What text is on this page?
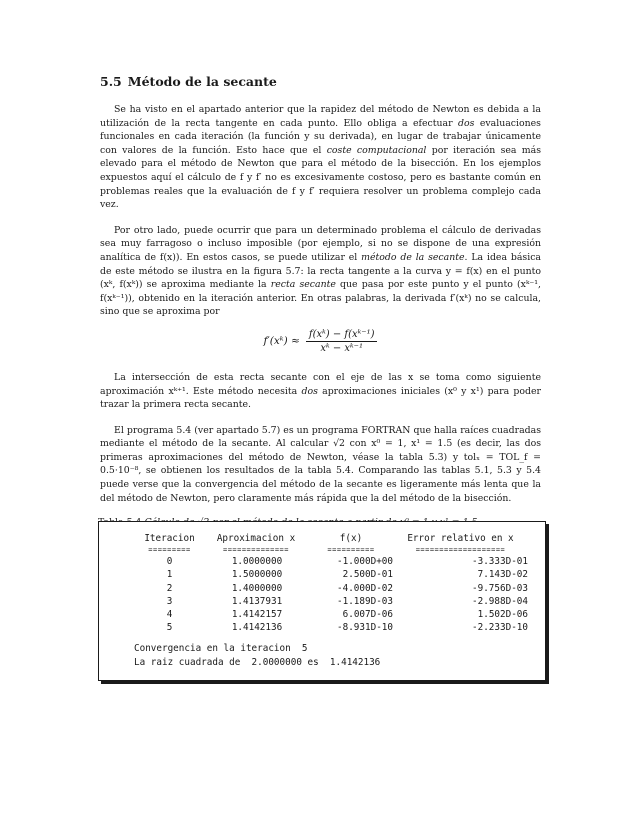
5.5 Método de la secante

Se ha visto en el apartado anterior que la rapidez del método de Newton es debida a la utilización de la recta tangente en cada punto. Ello obliga a efectuar dos evaluaciones funcionales en cada iteración (la función y su derivada), en lugar de trabajar únicamente con valores de la función. Esto hace que el coste computacional por iteración sea más elevado para el método de Newton que para el método de la bisección. En los ejemplos expuestos aquí el cálculo de f y f′ no es excesivamente costoso, pero es bastante común en problemas reales que la evaluación de f y f′ requiera resolver un problema complejo cada vez.

Por otro lado, puede ocurrir que para un determinado problema el cálculo de derivadas sea muy farragoso o incluso imposible (por ejemplo, si no se dispone de una expresión analítica de f(x)). En estos casos, se puede utilizar el método de la secante. La idea básica de este método se ilustra en la figura 5.7: la recta tangente a la curva y = f(x) en el punto (xᵏ, f(xᵏ)) se aproxima mediante la recta secante que pasa por este punto y el punto (xᵏ⁻¹, f(xᵏ⁻¹)), obtenido en la iteración anterior. En otras palabras, la derivada f′(xᵏ) no se calcula, sino que se aproxima por

f′(xᵏ) ≈ $\frac{\text{f(xᵏ) − f(xᵏ⁻¹)}}{\text{xᵏ − xᵏ⁻¹}}$

La intersección de esta recta secante con el eje de las x se toma como siguiente aproximación xᵏ⁺¹. Este método necesita dos aproximaciones iniciales (x⁰ y x¹) para poder trazar la primera recta secante.

El programa 5.4 (ver apartado 5.7) es un programa FORTRAN que halla raíces cuadradas mediante el método de la secante. Al calcular √2 con x⁰ = 1, x¹ = 1.5 (es decir, las dos primeras aproximaciones del método de Newton, véase la tabla 5.3) y tolₓ = TOL_f = 0.5·10⁻⁸, se obtienen los resultados de la tabla 5.4. Comparando las tablas 5.1, 5.3 y 5.4 puede verse que la convergencia del método de la secante es ligeramente más lenta que la del método de Newton, pero claramente más rápida que la del método de la bisección.

Iteracion	Aproximacion x	f(x)	Error relativo en x
=========	==============	==========	===================
0	1.0000000	-1.000D+00	-3.333D-01
1	1.5000000	2.500D-01	7.143D-02
2	1.4000000	-4.000D-02	-9.756D-03
3	1.4137931	-1.189D-03	-2.988D-04
4	1.4142157	6.007D-06	1.502D-06
5	1.4142136	-8.931D-10	-2.233D-10
Convergencia en la iteracion  5
La raiz cuadrada de  2.0000000 es  1.4142136
